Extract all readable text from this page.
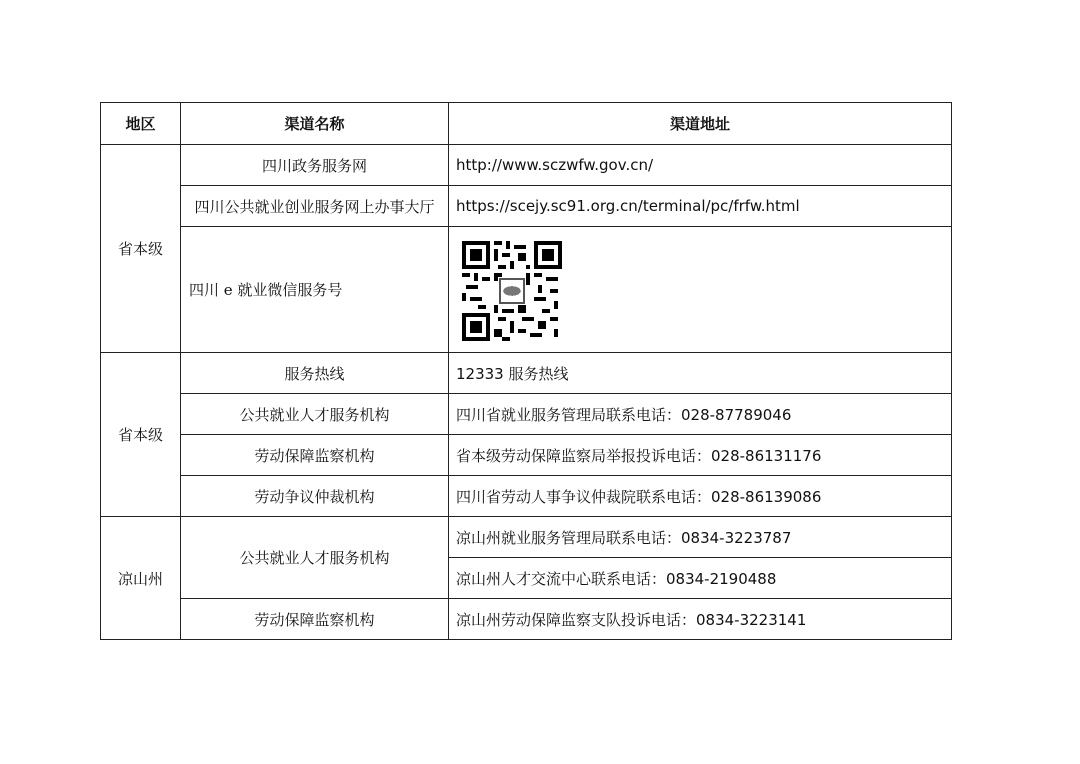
地区	渠道名称	渠道地址
省本级	四川政务服务网	http://www.sczwfw.gov.cn/
	四川公共就业创业服务网上办事大厅	https://scejy.sc91.org.cn/terminal/pc/frfw.html
	四川 e 就业微信服务号	

省本级	服务热线	12333 服务热线
	公共就业人才服务机构	四川省就业服务管理局联系电话：028-87789046
	劳动保障监察机构	省本级劳动保障监察局举报投诉电话：028-86131176
	劳动争议仲裁机构	四川省劳动人事争议仲裁院联系电话：028-86139086
凉山州	公共就业人才服务机构	凉山州就业服务管理局联系电话：0834-3223787
		凉山州人才交流中心联系电话：0834-2190488
	劳动保障监察机构	凉山州劳动保障监察支队投诉电话：0834-3223141
